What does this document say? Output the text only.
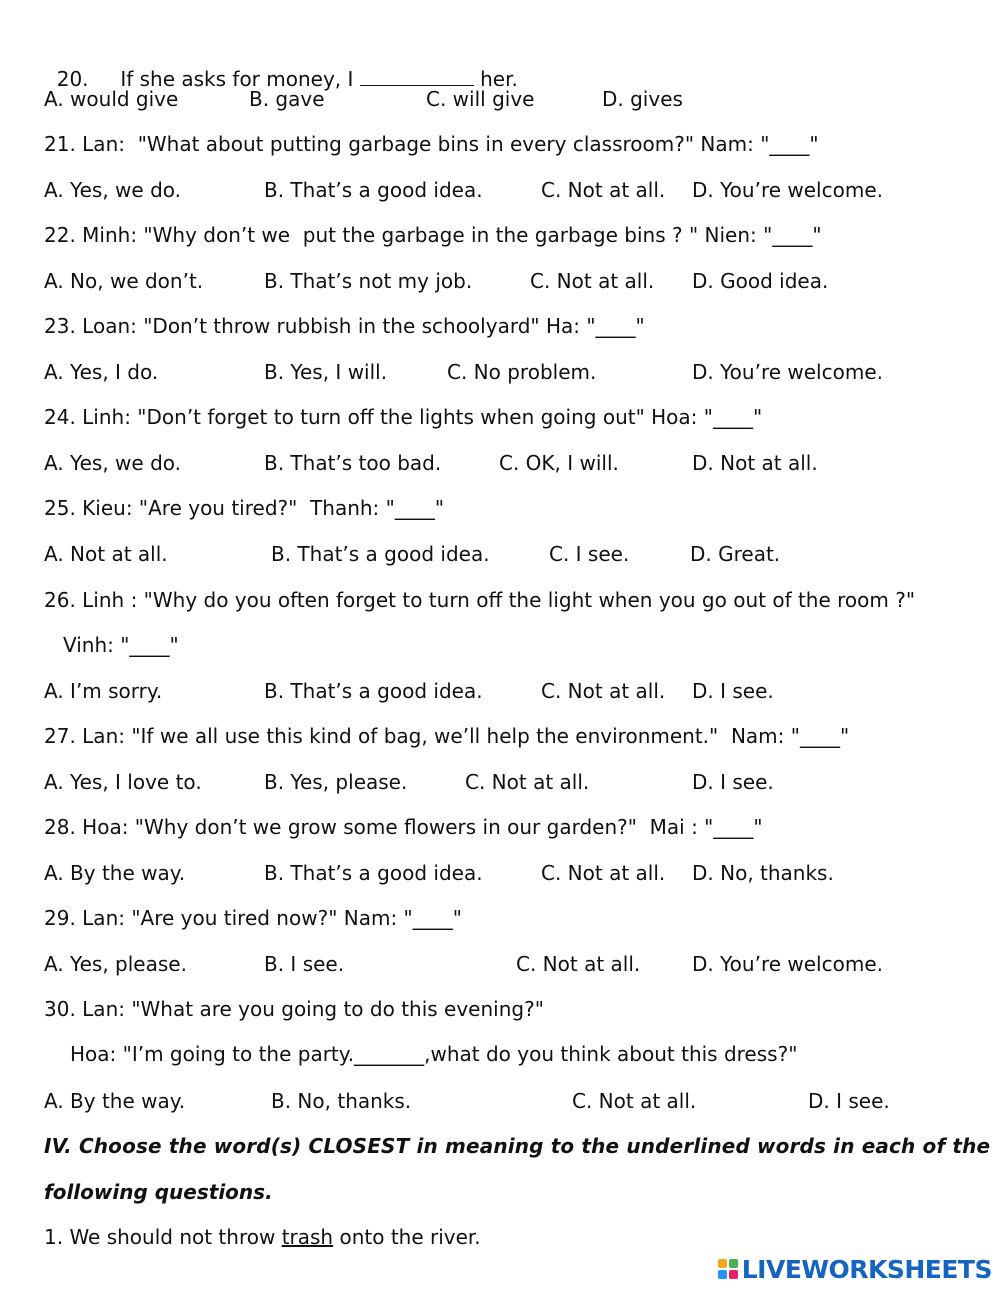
20.     If she asks for money, I	her.

A. would give	B. gave	C. will give	D. gives
21. Lan:  "What about putting garbage bins in every classroom?" Nam: "____"
A. Yes, we do.	B. That’s a good idea.	C. Not at all. D. You’re welcome.
22. Minh: "Why don’t we  put the garbage in the garbage bins ? " Nien: "____"
A. No, we don’t.	B. That’s not my job.	C. Not at all. D. Good idea.
23. Loan: "Don’t throw rubbish in the schoolyard" Ha: "____"
A. Yes, I do.	B. Yes, I will.	C. No problem.	D. You’re welcome.
24. Linh: "Don’t forget to turn off the lights when going out" Hoa: "____"
A. Yes, we do.	B. That’s too bad.	C. OK, I will.	D. Not at all.
25. Kieu: "Are you tired?"  Thanh: "____"
A. Not at all.	B. That’s a good idea.	C. I see.	D. Great.
26. Linh : "Why do you often forget to turn off the light when you go out of the room ?"
Vinh: "____"
A. I’m sorry.	B. That’s a good idea.	C. Not at all. D. I see.
27. Lan: "If we all use this kind of bag, we’ll help the environment."  Nam: "____"
A. Yes, I love to.	B. Yes, please.	C. Not at all.	D. I see.
28. Hoa: "Why don’t we grow some flowers in our garden?"  Mai : "____"
A. By the way.	B. That’s a good idea.	C. Not at all. D. No, thanks.
29. Lan: "Are you tired now?" Nam: "____"
A. Yes, please.	B. I see.	C. Not at all.	D. You’re welcome.
30. Lan: "What are you going to do this evening?"
Hoa: "I’m going to the party._______,what do you think about this dress?"
A. By the way.	B. No, thanks.	C. Not at all.	D. I see.
IV. Choose the word(s) CLOSEST in meaning to the underlined words in each of the
following questions.
1. We should not throw trash onto the river.
LIVEWORKSHEETS
